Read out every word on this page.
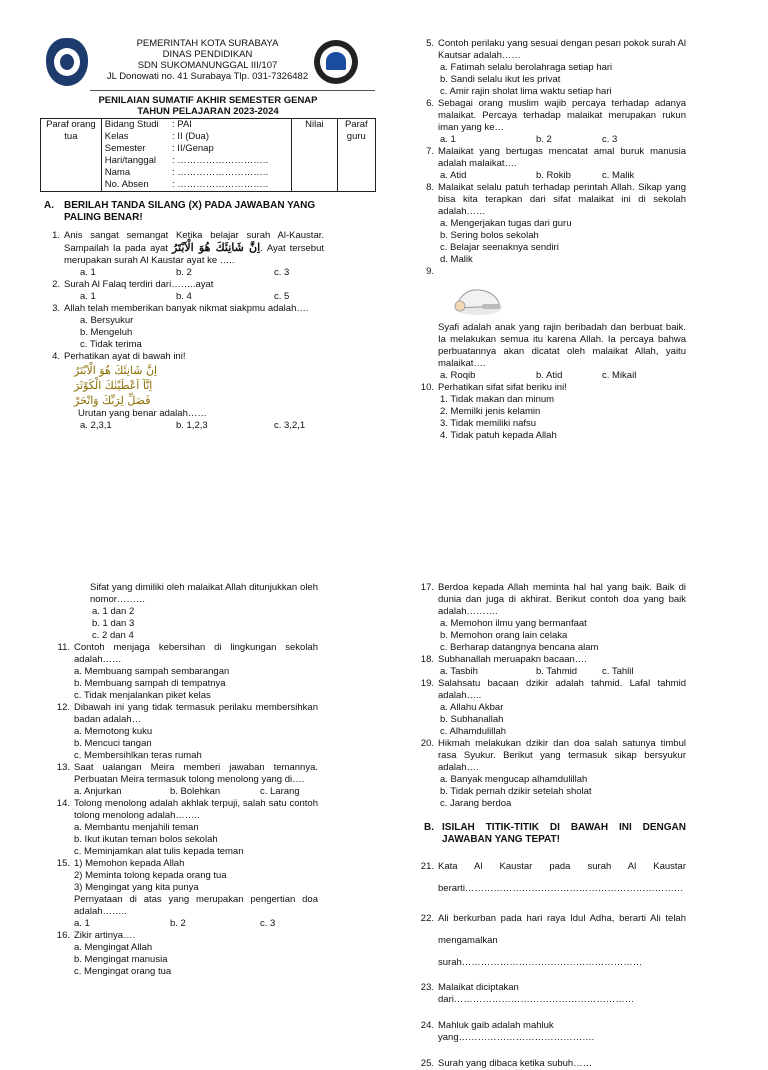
PEMERINTAH KOTA SURABAYA
DINAS PENDIDIKAN
SDN SUKOMANUNGGAL III/107
JL Donowati no. 41 Surabaya Tlp. 031-7326482
PENILAIAN SUMATIF AKHIR SEMESTER GENAP
TAHUN PELAJARAN 2023-2024
Paraf orang tua	Bidang Studi	: PAI	Nilai	Paraf guru
	Kelas	: II (Dua)		
	Semester	: II/Genap		
	Hari/tanggal	: ………………………..		
	Nama	: ………………………..		
	No. Absen	: ………………………..		
A.	BERILAH TANDA SILANG (X) PADA JAWABAN YANG PALING BENAR!
1. Anis sangat semangat Ketika belajar surah Al-Kaustar. Sampailah Ia pada ayat اِنَّ شَانِئَكَ هُوَ الْاَبْتَرُ. Ayat tersebut merupakan surah Al Kaustar ayat ke …..
a. 1	b. 2	c. 3
2. Surah Al Falaq terdiri dari……..ayat
a. 1	b. 4	c. 5
3. Allah telah memberikan banyak nikmat siakpmu adalah….
a. Bersyukur
b. Mengeluh
c. Tidak terima
4. Perhatikan ayat di bawah ini!
اِنَّ شَانِئَكَ هُوَ الْاَبْتَرُ
اِنَّآ اَعْطَيْنٰكَ الْكَوْثَرَ
فَصَلِّ لِرَبِّكَ وَانْحَرْ
Urutan yang benar adalah……
a. 2,3,1	b. 1,2,3	c. 3,2,1
5. Contoh perilaku yang sesuai dengan pesan pokok surah Al Kautsar adalah……
a. Fatimah selalu berolahraga setiap hari
b. Sandi selalu ikut les privat
c. Amir rajin sholat lima waktu setiap hari
6. Sebagai orang muslim wajib percaya terhadap adanya malaikat. Percaya terhadap malaikat merupakan rukun iman yang ke…
a. 1	b. 2	c. 3
7. Malaikat yang bertugas mencatat amal buruk manusia adalah malaikat….
a. Atid	b. Rokib	c. Malik
8. Malaikat selalu patuh terhadap perintah Allah. Sikap yang bisa kita terapkan dari sifat malaikat ini di sekolah adalah……
a. Mengerjakan tugas dari guru
b. Sering bolos sekolah
c. Belajar seenaknya sendiri
d. Malik
9.
Syafi adalah anak yang rajin beribadah dan berbuat baik. Ia melakukan semua itu karena Allah. Ia percaya bahwa perbuatannya akan dicatat oleh malaikat Allah, yaitu malaikat….
a. Roqib	b. Atid	c. Mikail
10. Perhatikan sifat sifat beriku ini!
1. Tidak makan dan minum
2. Memilki jenis kelamin
3. Tidak memiliki nafsu
4. Tidak patuh kepada Allah
Sifat yang dimiliki oleh malaikat Allah ditunjukkan oleh nomor………
a. 1 dan 2
b. 1 dan 3
c. 2 dan 4
11. Contoh menjaga kebersihan di lingkungan sekolah adalah……
a. Membuang sampah sembarangan
b. Membuang sampah di tempatnya
c. Tidak menjalankan piket kelas
12. Dibawah ini yang tidak termasuk perilaku membersihkan badan adalah…
a. Memotong kuku
b. Mencuci tangan
c. Membersihlkan teras rumah
13. Saat ualangan Meira memberi jawaban temannya. Perbuatan Meira termasuk tolong menolong yang di….
a. Anjurkan	b. Bolehkan	c. Larang
14. Tolong menolong adalah akhlak terpuji, salah satu contoh tolong menolong adalah……..
a. Membantu menjahili teman
b. Ikut ikutan teman bolos sekolah
c. Meminjamkan alat tulis kepada teman
15. 1) Memohon kepada Allah
2) Meminta tolong kepada orang tua
3) Mengingat yang kita punya
Pernyataan di atas yang merupakan pengertian doa adalah……..
a. 1	b. 2	c. 3
16. Zikir artinya….
a. Mengingat Allah
b. Mengingat manusia
c. Mengingat orang tua
17. Berdoa kepada Allah meminta hal hal yang baik. Baik di dunia dan juga di akhirat. Berikut contoh doa yang baik adalah……….
a. Memohon ilmu yang bermanfaat
b. Memohon orang lain celaka
c. Berharap datangnya bencana alam
18. Subhanallah meruapakn bacaan….
a. Tasbih	b. Tahmid	c. Tahlil
19. Salahsatu bacaan dzikir adalah tahmid. Lafal tahmid adalah…..
a. Allahu Akbar
b. Subhanallah
c. Alhamdulillah
20. Hikmah melakukan dzikir dan doa salah satunya timbul rasa Syukur. Berikut yang termasuk sikap bersyukur adalah….
a. Banyak mengucap alhamdulillah
b. Tidak pernah dzikir setelah sholat
c. Jarang berdoa
B. ISILAH TITIK-TITIK DI BAWAH INI DENGAN JAWABAN YANG TEPAT!
21. Kata Al Kaustar pada surah Al Kaustar berarti……………………………………………………………
22. Ali berkurban pada hari raya Idul Adha, berarti Ali telah mengamalkan surah…………………………………………………
23. Malaikat diciptakan dari…………………………………………………
24. Mahluk gaib adalah mahluk yang…………………………………….
25. Surah yang dibaca ketika subuh……
